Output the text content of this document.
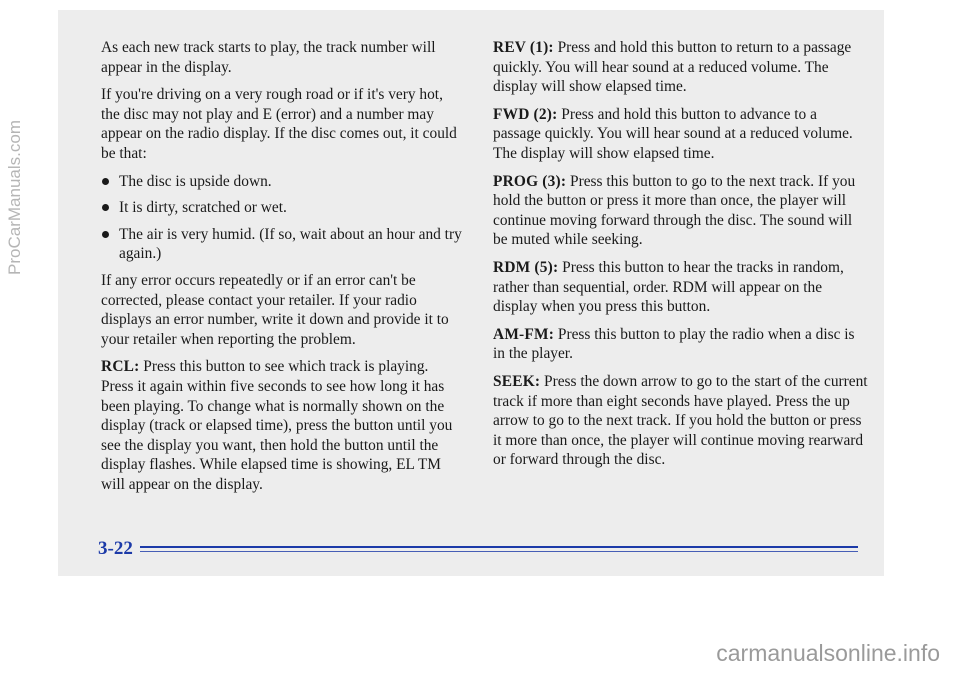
As each new track starts to play, the track number will appear in the display.

If you're driving on a very rough road or if it's very hot, the disc may not play and E (error) and a number may appear on the radio display. If the disc comes out, it could be that:

The disc is upside down.
It is dirty, scratched or wet.
The air is very humid. (If so, wait about an hour and try again.)

If any error occurs repeatedly or if an error can't be corrected, please contact your retailer. If your radio displays an error number, write it down and provide it to your retailer when reporting the problem.

RCL: Press this button to see which track is playing. Press it again within five seconds to see how long it has been playing. To change what is normally shown on the display (track or elapsed time), press the button until you see the display you want, then hold the button until the display flashes. While elapsed time is showing, EL TM will appear on the display.

REV (1): Press and hold this button to return to a passage quickly. You will hear sound at a reduced volume. The display will show elapsed time.

FWD (2): Press and hold this button to advance to a passage quickly. You will hear sound at a reduced volume. The display will show elapsed time.

PROG (3): Press this button to go to the next track. If you hold the button or press it more than once, the player will continue moving forward through the disc. The sound will be muted while seeking.

RDM (5): Press this button to hear the tracks in random, rather than sequential, order. RDM will appear on the display when you press this button.

AM-FM: Press this button to play the radio when a disc is in the player.

SEEK: Press the down arrow to go to the start of the current track if more than eight seconds have played. Press the up arrow to go to the next track. If you hold the button or press it more than once, the player will continue moving rearward or forward through the disc.

3-22
ProCarManuals.com
carmanualsonline.info
